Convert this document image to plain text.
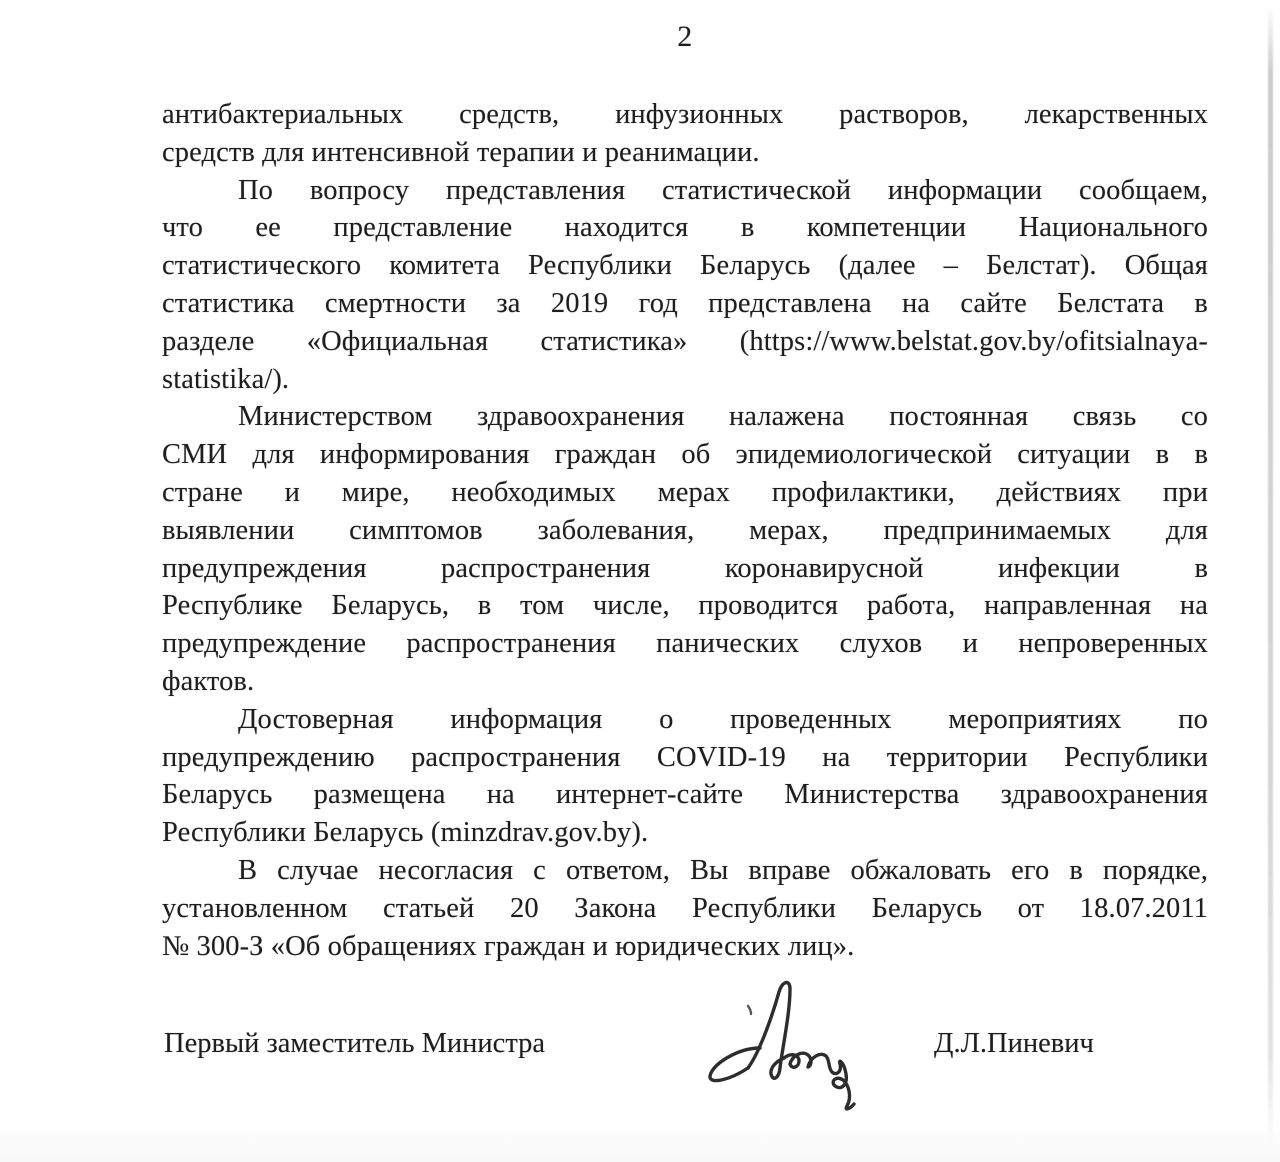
2
антибактериальных средств, инфузионных растворов, лекарственных
средств для интенсивной терапии и реанимации.
По вопросу представления статистической информации сообщаем,
что ее представление находится в компетенции Национального
статистического комитета Республики Беларусь (далее – Белстат). Общая
статистика смертности за 2019 год представлена на сайте Белстата в
разделе «Официальная статистика» (https://www.belstat.gov.by/ofitsialnaya-
statistika/).
Министерством здравоохранения налажена постоянная связь со
СМИ для информирования граждан об эпидемиологической ситуации в в
стране и мире, необходимых мерах профилактики, действиях при
выявлении симптомов заболевания, мерах, предпринимаемых для
предупреждения распространения коронавирусной инфекции в
Республике Беларусь, в том числе, проводится работа, направленная на
предупреждение распространения панических слухов и непроверенных
фактов.
Достоверная информация о проведенных мероприятиях по
предупреждению распространения COVID-19 на территории Республики
Беларусь размещена на интернет-сайте Министерства здравоохранения
Республики Беларусь (minzdrav.gov.by).
В случае несогласия с ответом, Вы вправе обжаловать его в порядке,
установленном статьей 20 Закона Республики Беларусь от 18.07.2011
№ 300-З «Об обращениях граждан и юридических лиц».
Первый заместитель Министра	Д.Л.Пиневич
